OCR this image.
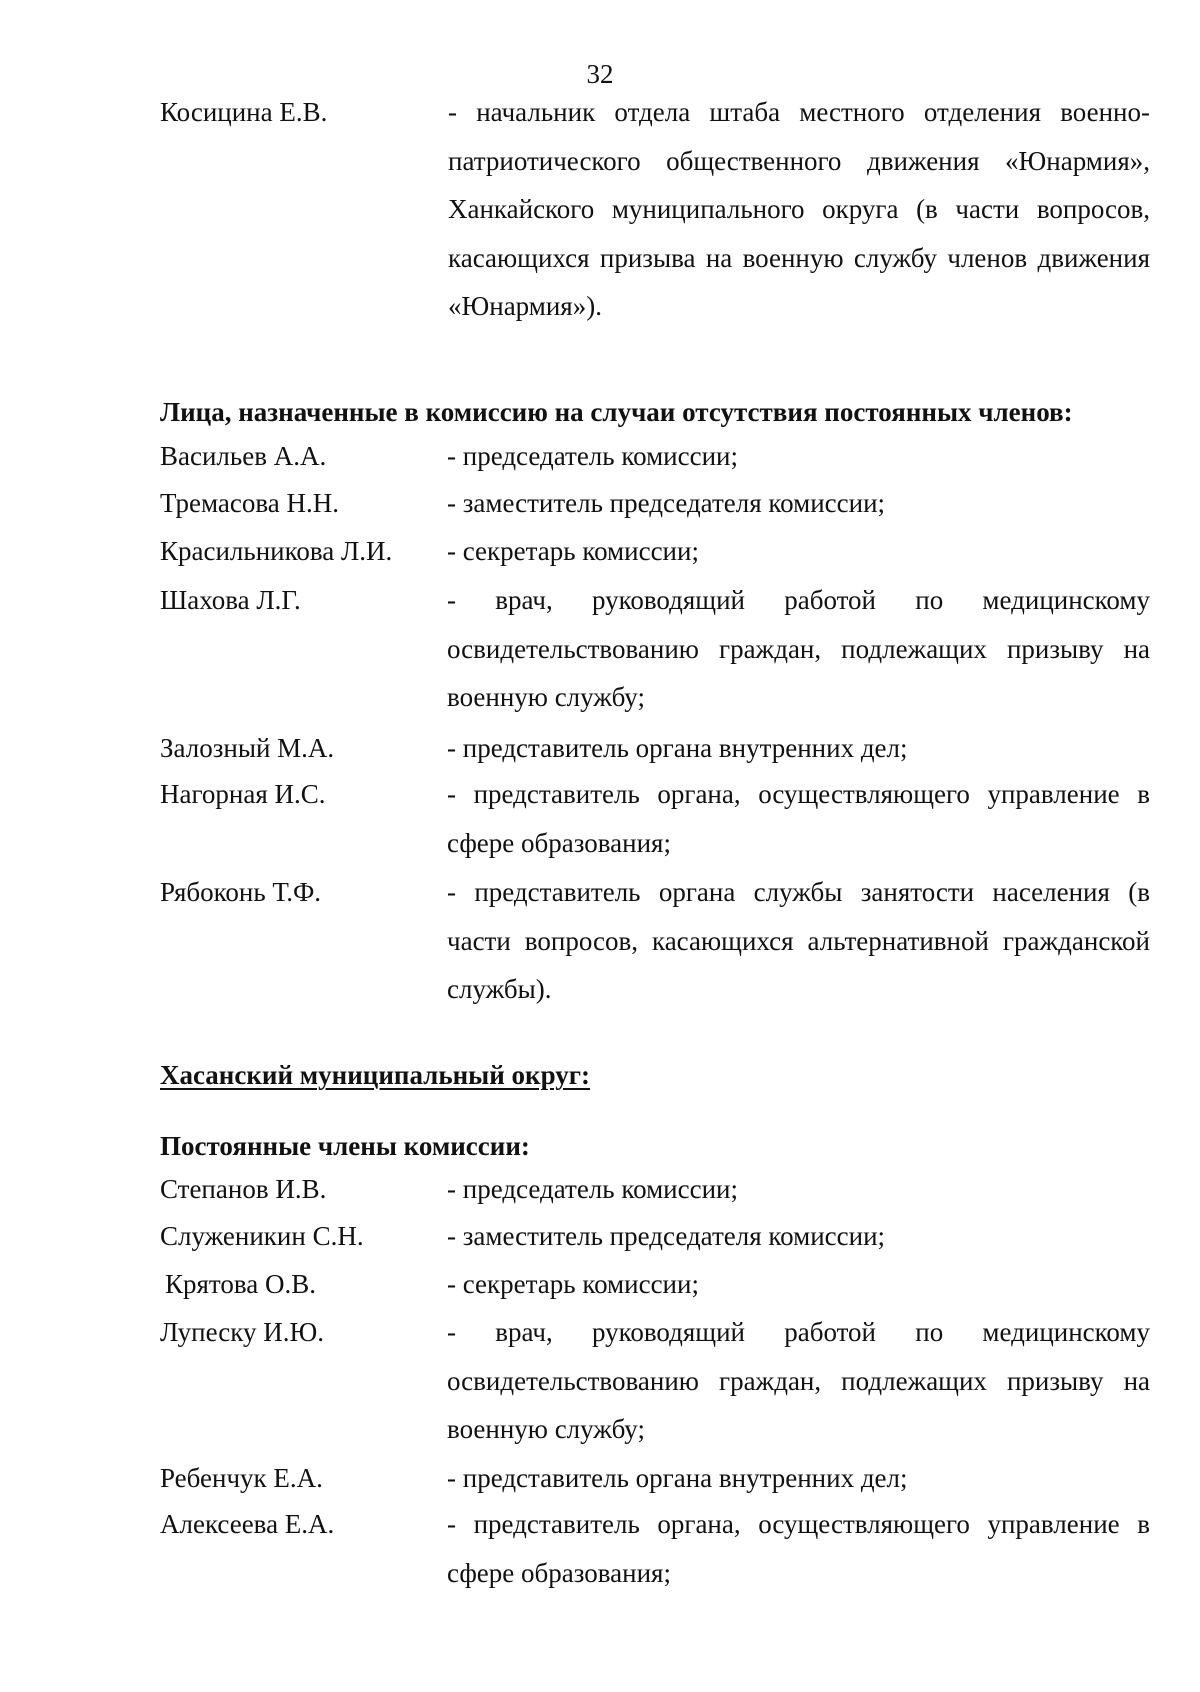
32
Косицина Е.В.	- начальник отдела штаба местного отделения военно-патриотического общественного движения «Юнармия», Ханкайского муниципального округа (в части вопросов, касающихся призыва на военную службу членов движения «Юнармия»).
Лица, назначенные в комиссию на случаи отсутствия постоянных членов:
Васильев А.А.	- председатель комиссии;
Тремасова Н.Н.	- заместитель председателя комиссии;
Красильникова Л.И. - секретарь комиссии;
Шахова Л.Г.	- врач, руководящий работой по медицинскому освидетельствованию граждан, подлежащих призыву на военную службу;
Залозный М.А.	- представитель органа внутренних дел;
Нагорная И.С.	- представитель органа, осуществляющего управление в сфере образования;
Рябоконь Т.Ф.	- представитель органа службы занятости населения (в части вопросов, касающихся альтернативной гражданской службы).
Хасанский муниципальный округ:
Постоянные члены комиссии:
Степанов И.В.	- председатель комиссии;
Служеникин С.Н.	- заместитель председателя комиссии;
Крятова О.В.	- секретарь комиссии;
Лупеску И.Ю.	- врач, руководящий работой по медицинскому освидетельствованию граждан, подлежащих призыву на военную службу;
Ребенчук Е.А.	- представитель органа внутренних дел;
Алексеева Е.А.	- представитель органа, осуществляющего управление в сфере образования;
